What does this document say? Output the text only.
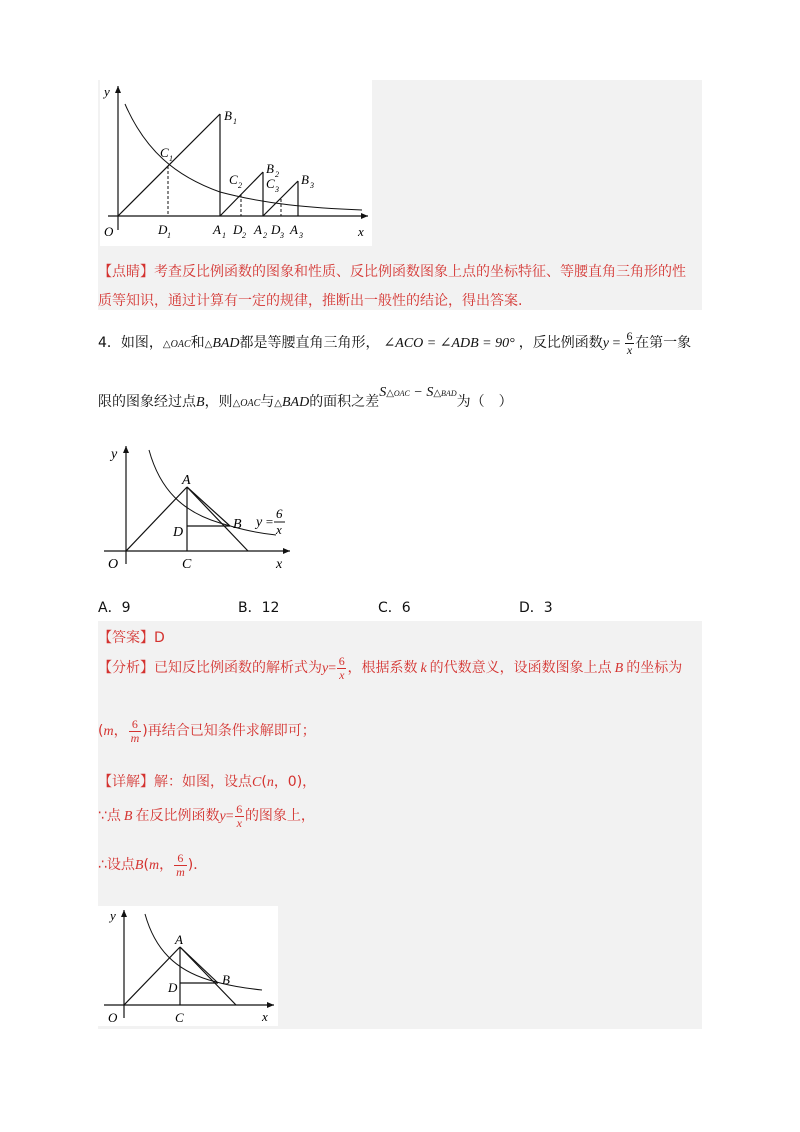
y
x
O
B 1
B 2 B 3
C 1
C 2 C 3
D 1	A 1 D 2 A 2 D 3 A 3
【点睛】考查反比例函数的图象和性质、反比例函数图象上点的坐标特征、等腰直角三角形的性
质等知识，通过计算有一定的规律，推断出一般性的结论，得出答案.
4．如图，△OAC和△BAD都是等腰直角三角形， ∠ACO = ∠ADB = 90° ，反比例函数$y = \frac{6}{x}$ 在第一象
限的图象经过点B，则△OAC与△BAD的面积之差S△OAC − S△BAD为（　）
y
x
O
A
B
D
C
y =
6
x
A．9	B．12	C．6	D．3
【答案】D
【分析】已知反比例函数的解析式为$y= \frac{6}{x}$ ，根据系数 k 的代数意义，设函数图象上点 B 的坐标为
(m， $\frac{6}{m}$ )再结合已知条件求解即可；
【详解】解：如图，设点C(n，0)，
∵点 B 在反比例函数$y= \frac{6}{x}$ 的图象上，
∴设点B(m， $\frac{6}{m}$ )．
y
x
O
A
B
D
C
